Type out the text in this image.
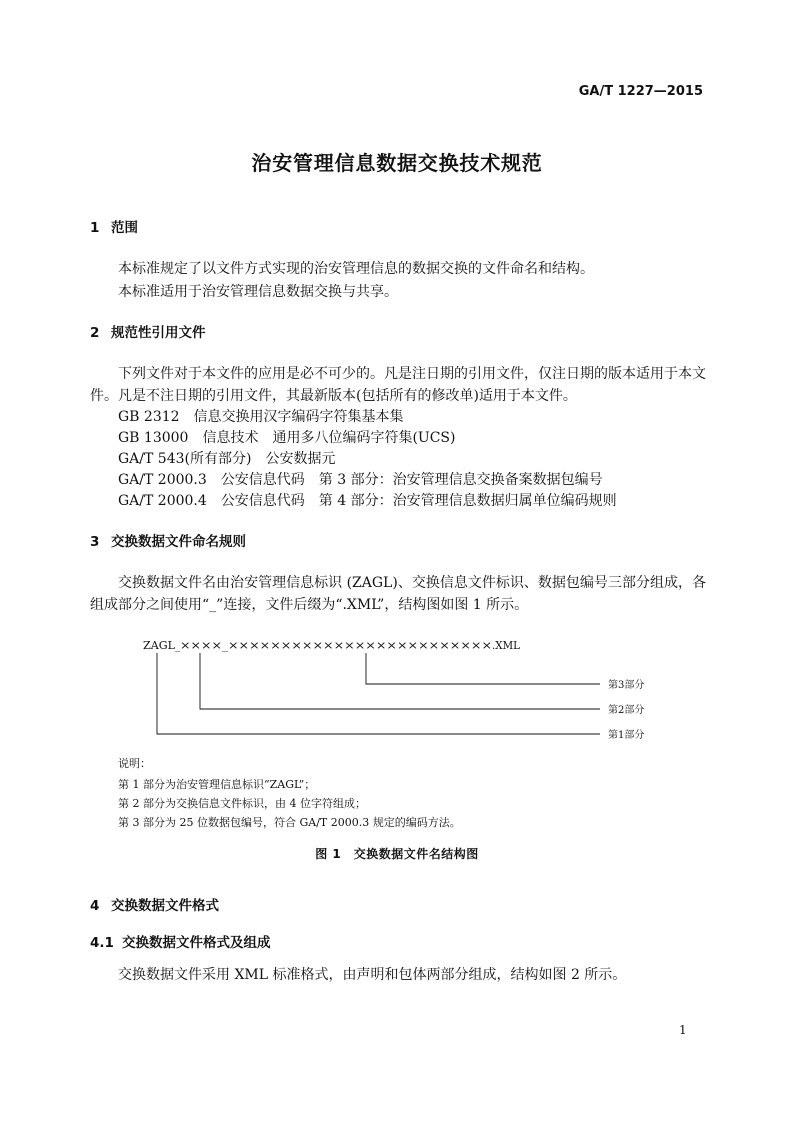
GA/T 1227—2015
治安管理信息数据交换技术规范
1 范围

本标准规定了以文件方式实现的治安管理信息的数据交换的文件命名和结构。

本标准适用于治安管理信息数据交换与共享。

2 规范性引用文件

下列文件对于本文件的应用是必不可少的。凡是注日期的引用文件，仅注日期的版本适用于本文件。凡是不注日期的引用文件，其最新版本(包括所有的修改单)适用于本文件。

GB 2312　信息交换用汉字编码字符集基本集
GB 13000　信息技术　通用多八位编码字符集(UCS)
GA/T 543(所有部分)　公安数据元
GA/T 2000.3　公安信息代码　第 3 部分：治安管理信息交换备案数据包编号
GA/T 2000.4　公安信息代码　第 4 部分：治安管理信息数据归属单位编码规则
3 交换数据文件命名规则

交换数据文件名由治安管理信息标识 (ZAGL)、交换信息文件标识、数据包编号三部分组成，各组成部分之间使用“_”连接，文件后缀为“.XML”，结构图如图 1 所示。

ZAGL _ ×××× _ ××××××××××××××××××××××××× .XML
第3部分
第2部分
第1部分
说明：
第 1 部分为治安管理信息标识“ZAGL”；
第 2 部分为交换信息文件标识，由 4 位字符组成；
第 3 部分为 25 位数据包编号，符合 GA/T 2000.3 规定的编码方法。
图 1　交换数据文件名结构图
4 交换数据文件格式
4.1 交换数据文件格式及组成

交换数据文件采用 XML 标准格式，由声明和包体两部分组成，结构如图 2 所示。

1
